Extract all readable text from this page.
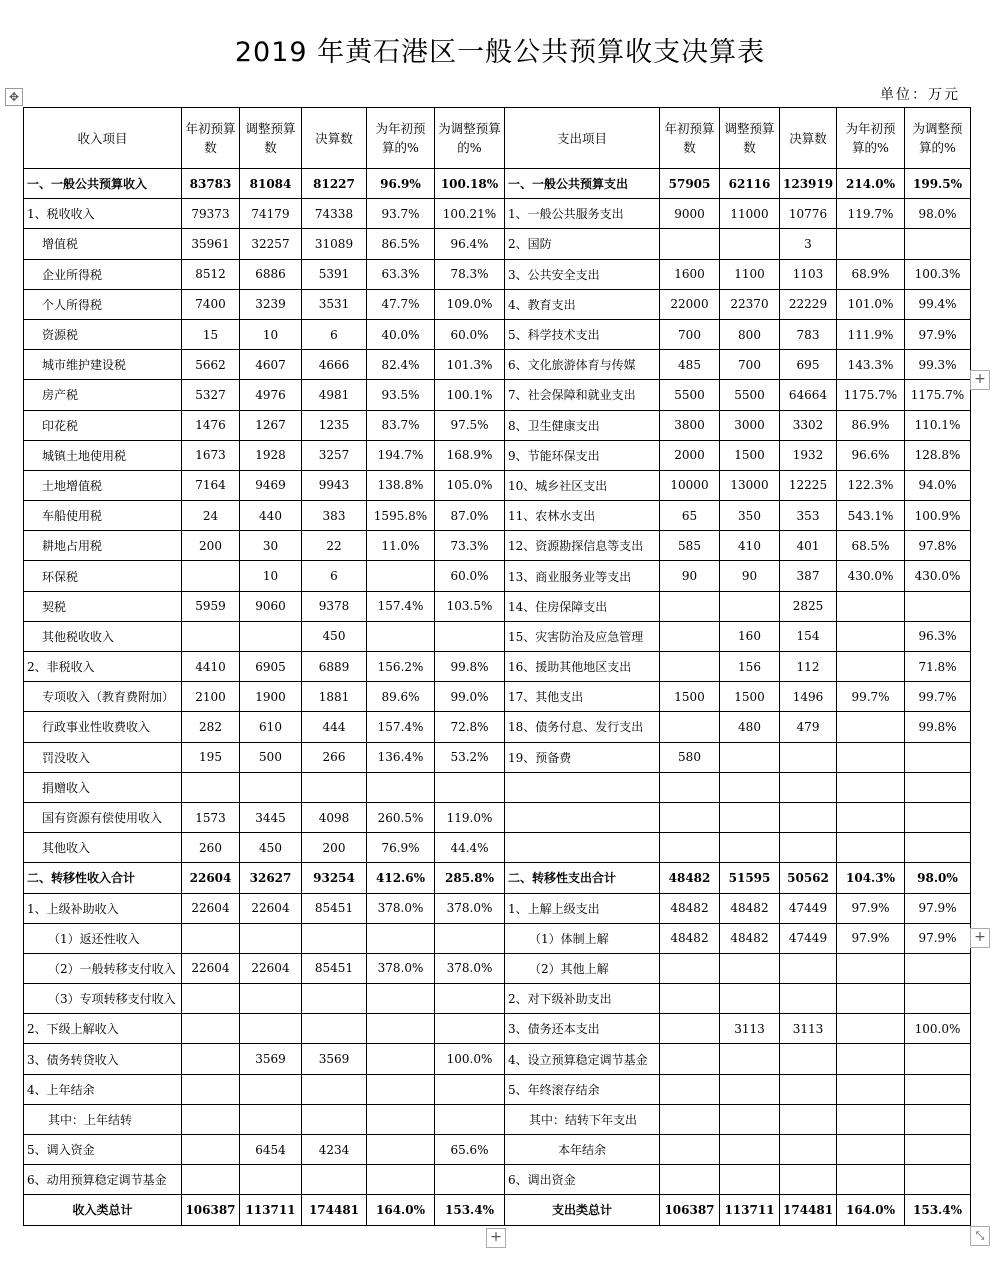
2019 年黄石港区一般公共预算收支决算表
单位：万元
✥
收入项目	年初预算数	调整预算数	决算数	为年初预算的%	为调整预算的%	支出项目	年初预算数	调整预算数	决算数	为年初预算的%	为调整预算的%
一、一般公共预算收入	83783	81084	81227	96.9%	100.18%	一、一般公共预算支出	57905	62116	123919	214.0%	199.5%
1、税收收入	79373	74179	74338	93.7%	100.21%	1、一般公共服务支出	9000	11000	10776	119.7%	98.0%
增值税	35961	32257	31089	86.5%	96.4%	2、国防			3		
企业所得税	8512	6886	5391	63.3%	78.3%	3、公共安全支出	1600	1100	1103	68.9%	100.3%
个人所得税	7400	3239	3531	47.7%	109.0%	4、教育支出	22000	22370	22229	101.0%	99.4%
资源税	15	10	6	40.0%	60.0%	5、科学技术支出	700	800	783	111.9%	97.9%
城市维护建设税	5662	4607	4666	82.4%	101.3%	6、文化旅游体育与传媒	485	700	695	143.3%	99.3%
房产税	5327	4976	4981	93.5%	100.1%	7、社会保障和就业支出	5500	5500	64664	1175.7%	1175.7%
印花税	1476	1267	1235	83.7%	97.5%	8、卫生健康支出	3800	3000	3302	86.9%	110.1%
城镇土地使用税	1673	1928	3257	194.7%	168.9%	9、节能环保支出	2000	1500	1932	96.6%	128.8%
土地增值税	7164	9469	9943	138.8%	105.0%	10、城乡社区支出	10000	13000	12225	122.3%	94.0%
车船使用税	24	440	383	1595.8%	87.0%	11、农林水支出	65	350	353	543.1%	100.9%
耕地占用税	200	30	22	11.0%	73.3%	12、资源勘探信息等支出	585	410	401	68.5%	97.8%
环保税		10	6		60.0%	13、商业服务业等支出	90	90	387	430.0%	430.0%
契税	5959	9060	9378	157.4%	103.5%	14、住房保障支出			2825		
其他税收收入			450			15、灾害防治及应急管理		160	154		96.3%
2、非税收入	4410	6905	6889	156.2%	99.8%	16、援助其他地区支出		156	112		71.8%
专项收入（教育费附加）	2100	1900	1881	89.6%	99.0%	17、其他支出	1500	1500	1496	99.7%	99.7%
行政事业性收费收入	282	610	444	157.4%	72.8%	18、债务付息、发行支出		480	479		99.8%
罚没收入	195	500	266	136.4%	53.2%	19、预备费	580				
捐赠收入											
国有资源有偿使用收入	1573	3445	4098	260.5%	119.0%						
其他收入	260	450	200	76.9%	44.4%						
二、转移性收入合计	22604	32627	93254	412.6%	285.8%	二、转移性支出合计	48482	51595	50562	104.3%	98.0%
1、上级补助收入	22604	22604	85451	378.0%	378.0%	1、上解上级支出	48482	48482	47449	97.9%	97.9%
（1）返还性收入						（1）体制上解	48482	48482	47449	97.9%	97.9%
（2）一般转移支付收入	22604	22604	85451	378.0%	378.0%	（2）其他上解					
（3）专项转移支付收入						2、对下级补助支出					
2、下级上解收入						3、债务还本支出		3113	3113		100.0%
3、债务转贷收入		3569	3569		100.0%	4、设立预算稳定调节基金					
4、上年结余						5、年终滚存结余					
其中：上年结转						其中：结转下年支出					
5、调入资金		6454	4234		65.6%	本年结余					
6、动用预算稳定调节基金						6、调出资金					
收入类总计	106387	113711	174481	164.0%	153.4%	支出类总计	106387	113711	174481	164.0%	153.4%
+
+
+	⤡
